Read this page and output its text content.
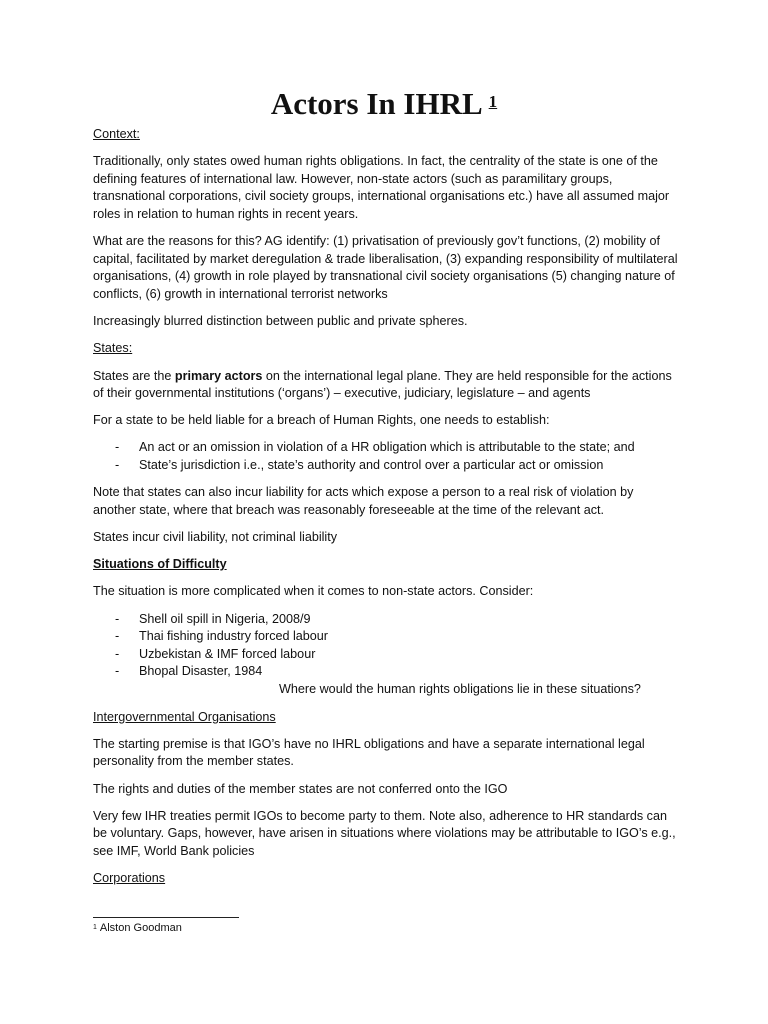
Actors In IHRL $^1$

Context:

Traditionally, only states owed human rights obligations. In fact, the centrality of the state is one of the defining features of international law. However, non-state actors (such as paramilitary groups, transnational corporations, civil society groups, international organisations etc.) have all assumed major roles in relation to human rights in recent years.

What are the reasons for this? AG identify: (1) privatisation of previously gov’t functions, (2) mobility of capital, facilitated by market deregulation & trade liberalisation, (3) expanding responsibility of multilateral organisations, (4) growth in role played by transnational civil society organisations (5) changing nature of conflicts, (6) growth in international terrorist networks

Increasingly blurred distinction between public and private spheres.

States:

States are the primary actors on the international legal plane. They are held responsible for the actions of their governmental institutions (‘organs’) – executive, judiciary, legislature – and agents

For a state to be held liable for a breach of Human Rights, one needs to establish:

- An act or an omission in violation of a HR obligation which is attributable to the state; and
- State’s jurisdiction i.e., state’s authority and control over a particular act or omission

Note that states can also incur liability for acts which expose a person to a real risk of violation by another state, where that breach was reasonably foreseeable at the time of the relevant act.

States incur civil liability, not criminal liability

Situations of Difficulty

The situation is more complicated when it comes to non-state actors. Consider:

- Shell oil spill in Nigeria, 2008/9
- Thai fishing industry forced labour
- Uzbekistan & IMF forced labour
- Bhopal Disaster, 1984

Where would the human rights obligations lie in these situations?

Intergovernmental Organisations

The starting premise is that IGO’s have no IHRL obligations and have a separate international legal personality from the member states.

The rights and duties of the member states are not conferred onto the IGO

Very few IHR treaties permit IGOs to become party to them. Note also, adherence to HR standards can be voluntary. Gaps, however, have arisen in situations where violations may be attributable to IGO’s e.g., see IMF, World Bank policies

Corporations

$^1$ Alston Goodman
